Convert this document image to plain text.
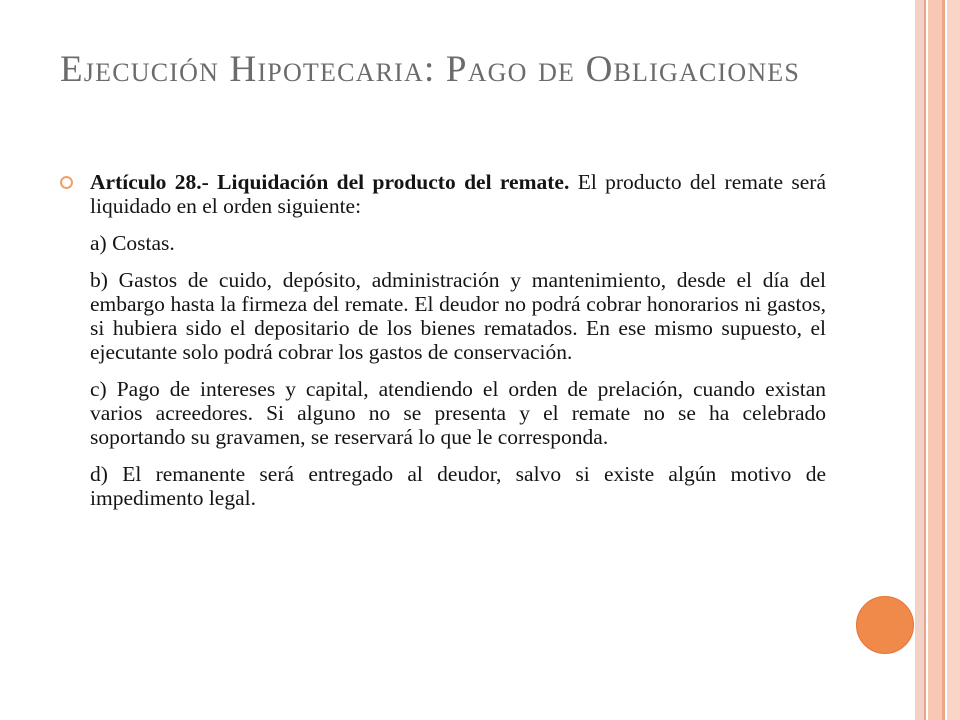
Ejecución Hipotecaria: Pago de Obligaciones

Artículo 28.- Liquidación del producto del remate. El producto del remate será liquidado en el orden siguiente:

a) Costas.

b) Gastos de cuido, depósito, administración y mantenimiento, desde el día del embargo hasta la firmeza del remate. El deudor no podrá cobrar honorarios ni gastos, si hubiera sido el depositario de los bienes rematados. En ese mismo supuesto, el ejecutante solo podrá cobrar los gastos de conservación.

c) Pago de intereses y capital, atendiendo el orden de prelación, cuando existan varios acreedores. Si alguno no se presenta y el remate no se ha celebrado soportando su gravamen, se reservará lo que le corresponda.

d) El remanente será entregado al deudor, salvo si existe algún motivo de impedimento legal.
